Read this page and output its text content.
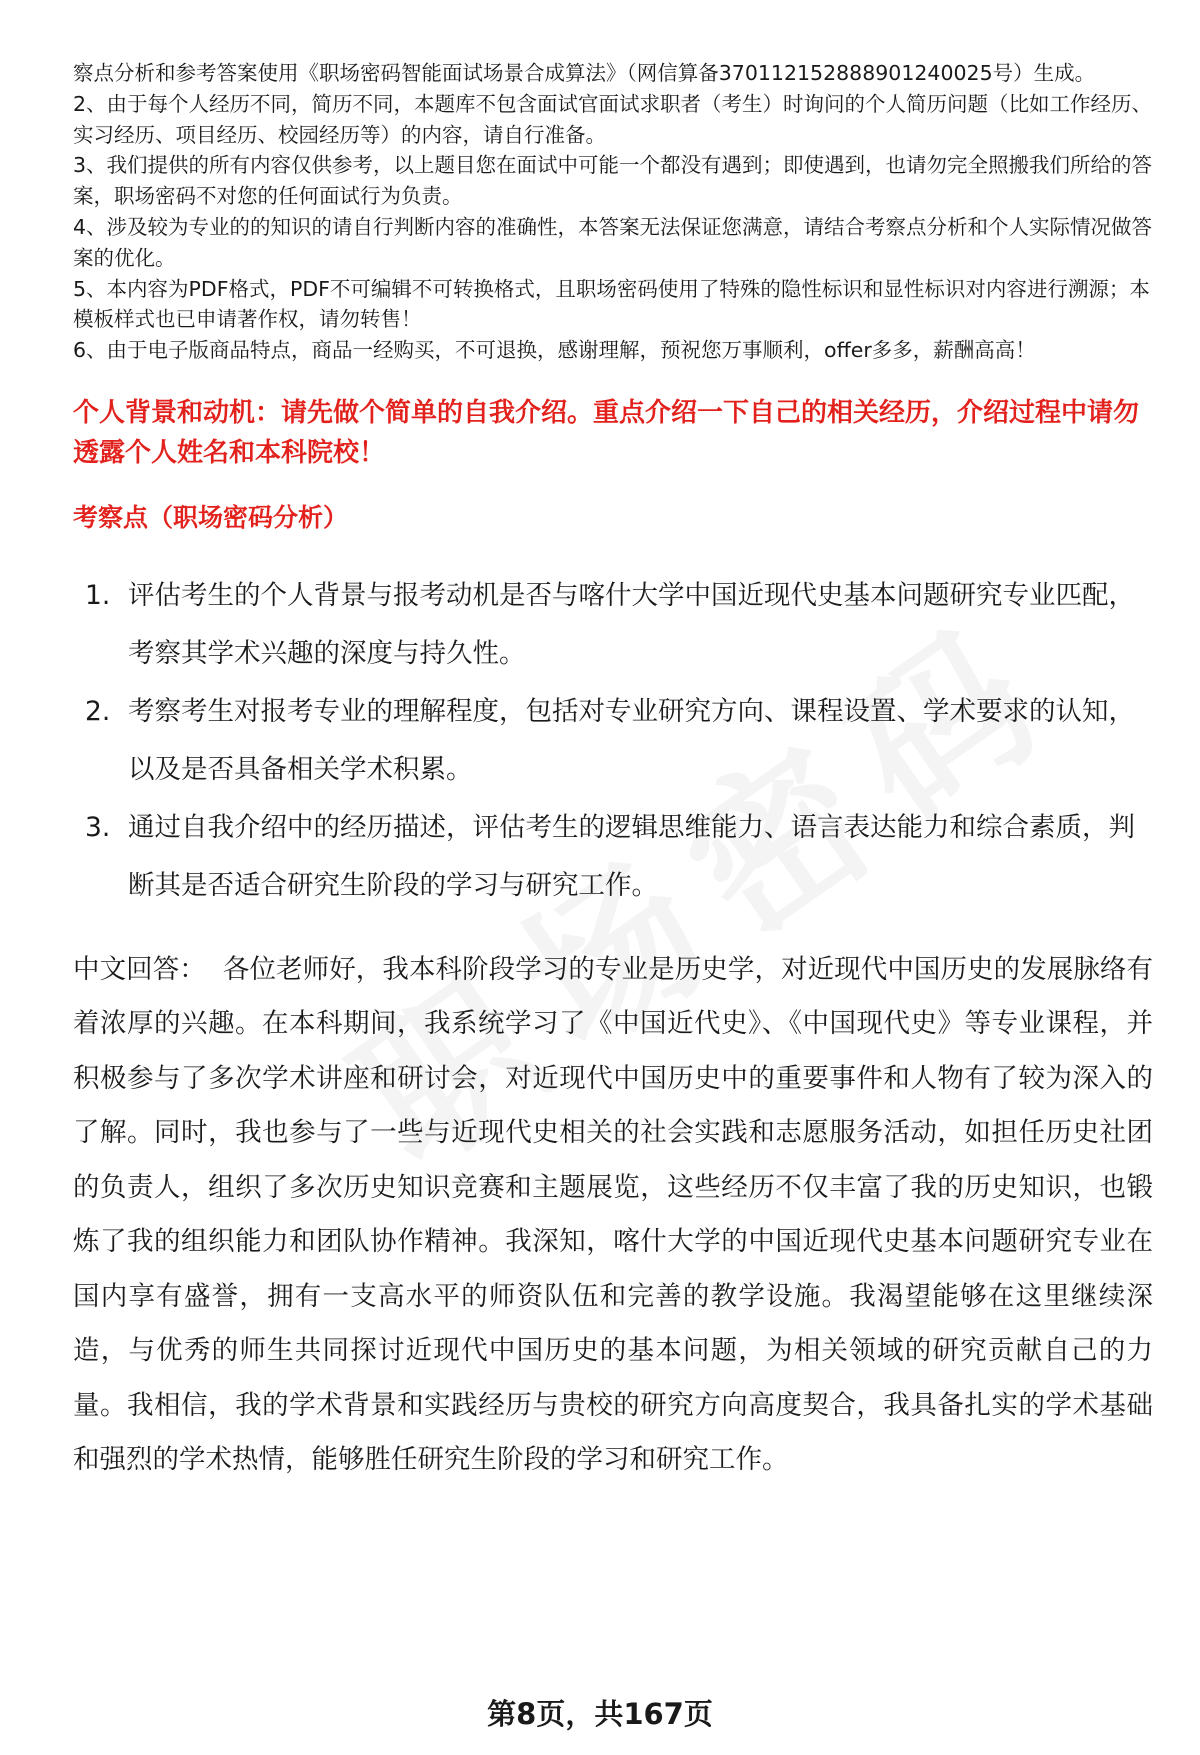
察点分析和参考答案使用《职场密码智能面试场景合成算法》（网信算备370112152888901240025号）生成。

2、由于每个人经历不同，简历不同，本题库不包含面试官面试求职者（考生）时询问的个人简历问题（比如工作经历、实习经历、项目经历、校园经历等）的内容，请自行准备。

3、我们提供的所有内容仅供参考，以上题目您在面试中可能一个都没有遇到；即使遇到，也请勿完全照搬我们所给的答案，职场密码不对您的任何面试行为负责。

4、涉及较为专业的的知识的请自行判断内容的准确性，本答案无法保证您满意，请结合考察点分析和个人实际情况做答案的优化。

5、本内容为PDF格式，PDF不可编辑不可转换格式，且职场密码使用了特殊的隐性标识和显性标识对内容进行溯源；本模板样式也已申请著作权，请勿转售！

6、由于电子版商品特点，商品一经购买，不可退换，感谢理解，预祝您万事顺利，offer多多，薪酬高高！

个人背景和动机：请先做个简单的自我介绍。重点介绍一下自己的相关经历，介绍过程中请勿透露个人姓名和本科院校！
考察点（职场密码分析）
1. 评估考生的个人背景与报考动机是否与喀什大学中国近现代史基本问题研究专业匹配，考察其学术兴趣的深度与持久性。
2. 考察考生对报考专业的理解程度，包括对专业研究方向、课程设置、学术要求的认知，以及是否具备相关学术积累。
3. 通过自我介绍中的经历描述，评估考生的逻辑思维能力、语言表达能力和综合素质，判断其是否适合研究生阶段的学习与研究工作。

中文回答： 各位老师好，我本科阶段学习的专业是历史学，对近现代中国历史的发展脉络有着浓厚的兴趣。在本科期间，我系统学习了《中国近代史》、《中国现代史》等专业课程，并积极参与了多次学术讲座和研讨会，对近现代中国历史中的重要事件和人物有了较为深入的了解。同时，我也参与了一些与近现代史相关的社会实践和志愿服务活动，如担任历史社团的负责人，组织了多次历史知识竞赛和主题展览，这些经历不仅丰富了我的历史知识，也锻炼了我的组织能力和团队协作精神。我深知，喀什大学的中国近现代史基本问题研究专业在国内享有盛誉，拥有一支高水平的师资队伍和完善的教学设施。我渴望能够在这里继续深造，与优秀的师生共同探讨近现代中国历史的基本问题，为相关领域的研究贡献自己的力量。我相信，我的学术背景和实践经历与贵校的研究方向高度契合，我具备扎实的学术基础和强烈的学术热情，能够胜任研究生阶段的学习和研究工作。

第8页，共167页
